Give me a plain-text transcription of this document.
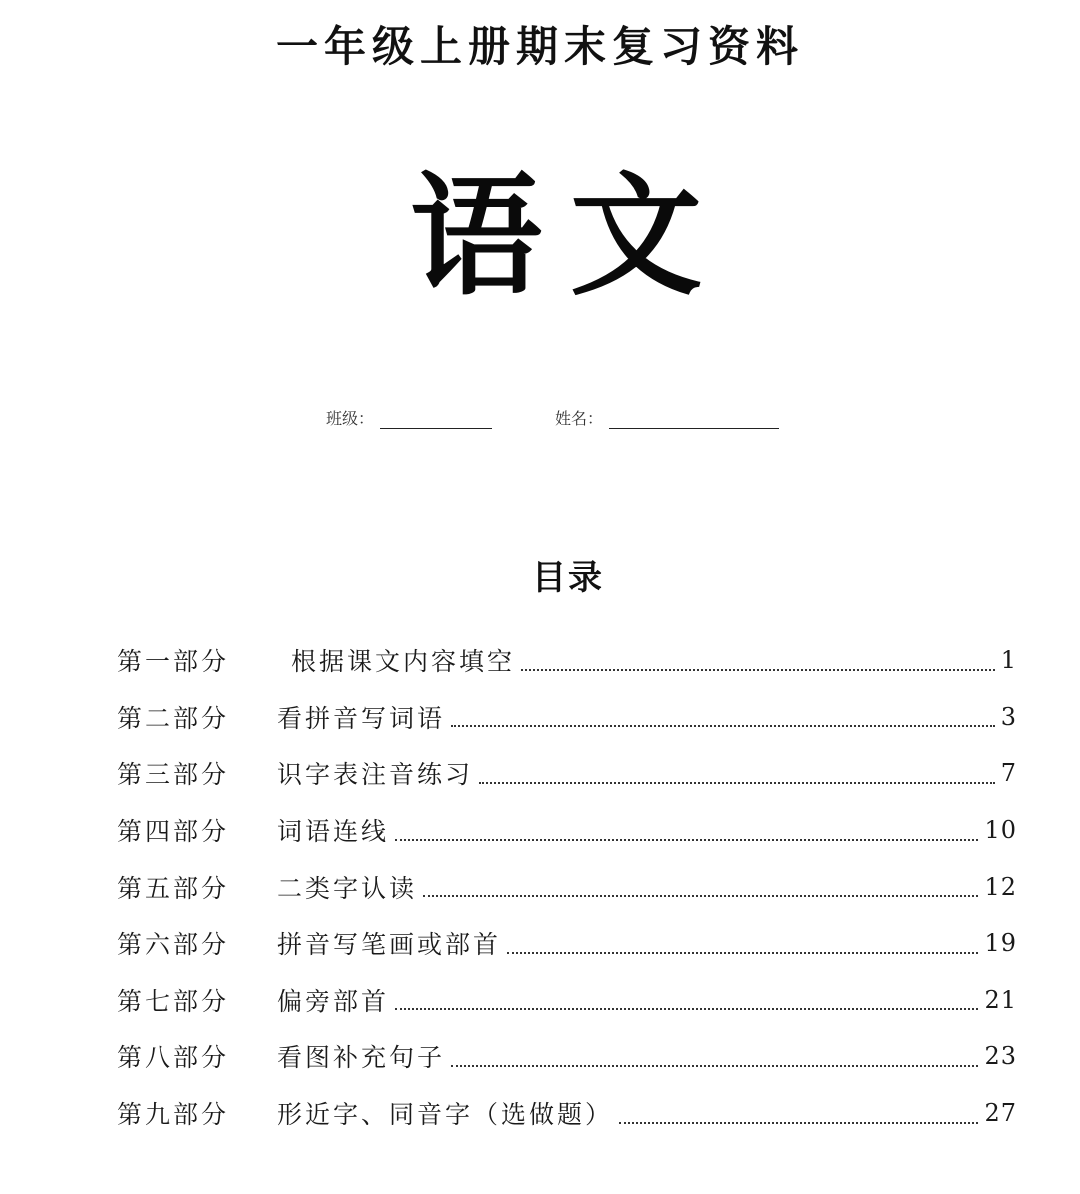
一年级上册期末复习资料
语文
班级：	姓名：
目录
第一部分	根据课文内容填空	1
第二部分	看拼音写词语	3
第三部分	识字表注音练习	7
第四部分	词语连线	10
第五部分	二类字认读	12
第六部分	拼音写笔画或部首	19
第七部分	偏旁部首	21
第八部分	看图补充句子	23
第九部分	形近字、同音字（选做题）	27
